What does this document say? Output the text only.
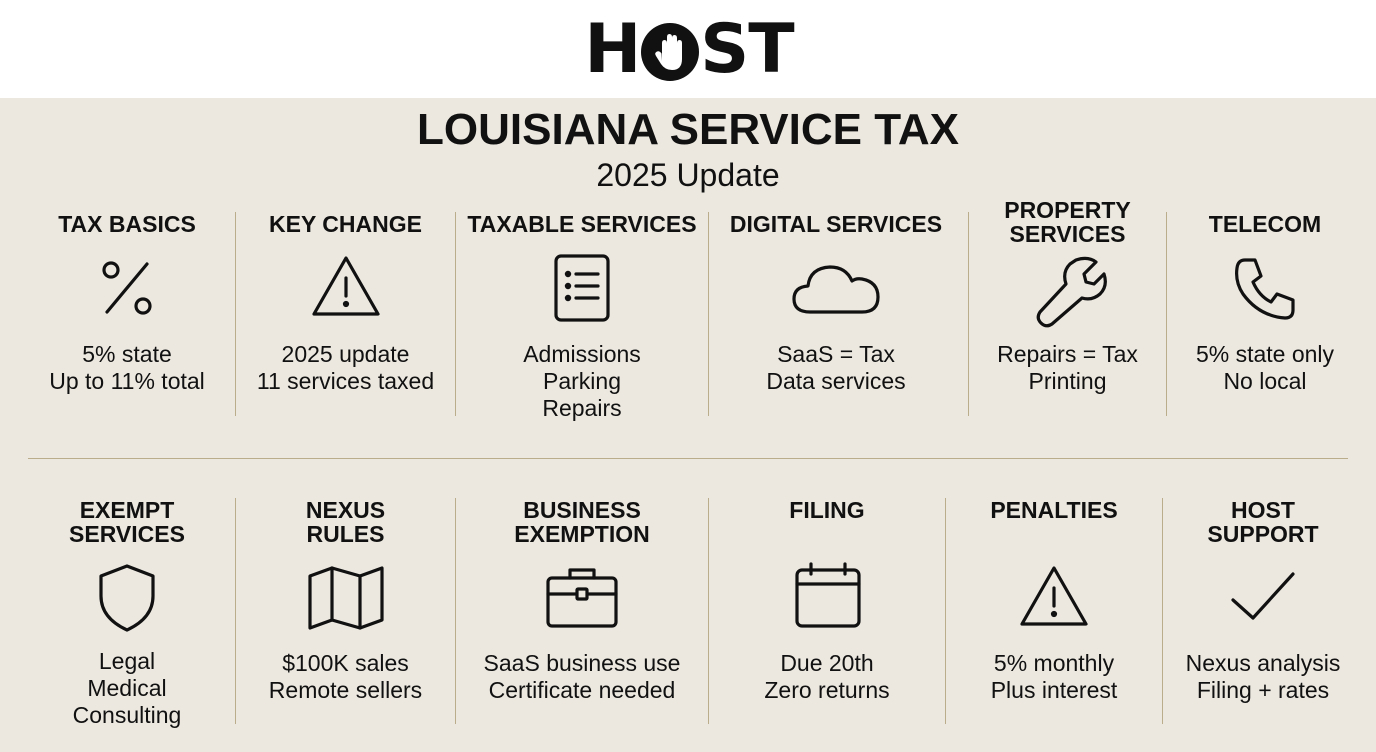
H ST
LOUISIANA SERVICE TAX
2025 Update
TAX BASICS
5% state
Up to 11% total
KEY CHANGE
2025 update
11 services taxed
TAXABLE SERVICES
Admissions
Parking
Repairs
DIGITAL SERVICES
SaaS = Tax
Data services
PROPERTY
SERVICES
Repairs = Tax
Printing
TELECOM
5% state only
No local
EXEMPT
SERVICES
Legal
Medical
Consulting
NEXUS
RULES
$100K sales
Remote sellers
BUSINESS
EXEMPTION
SaaS business use
Certificate needed
FILING
Due 20th
Zero returns
PENALTIES
5% monthly
Plus interest
HOST
SUPPORT
Nexus analysis
Filing + rates
